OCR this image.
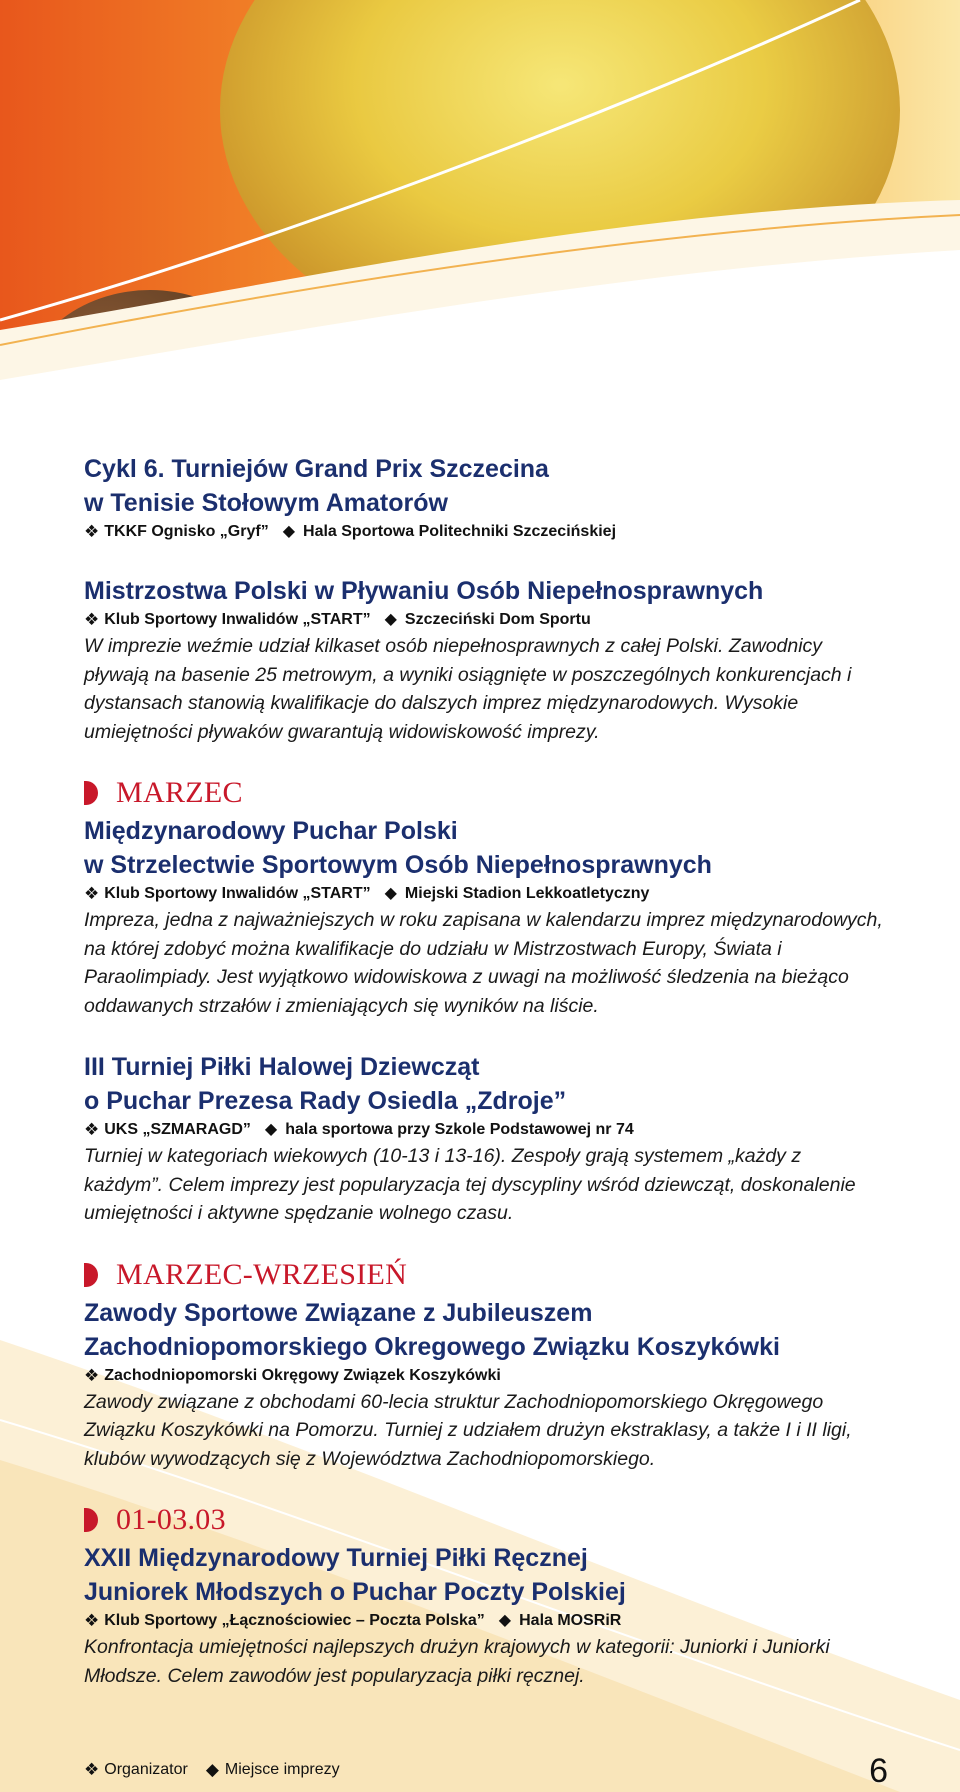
Cykl 6. Turniejów Grand Prix Szczecina
w Tenisie Stołowym Amatorów
❖ TKKF Ognisko „Gryf” ◆ Hala Sportowa Politechniki Szczecińskiej
Mistrzostwa Polski w Pływaniu Osób Niepełnosprawnych
❖ Klub Sportowy Inwalidów „START” ◆ Szczeciński Dom Sportu
W imprezie weźmie udział kilkaset osób niepełnosprawnych z całej Polski. Zawodnicy pływają na basenie 25 metrowym, a wyniki osiągnięte w poszczególnych konkurencjach i dystansach stanowią kwalifikacje do dalszych imprez międzynarodowych. Wysokie umiejętności pływaków gwarantują widowiskowość imprezy.
MARZEC
Międzynarodowy Puchar Polski
w Strzelectwie Sportowym Osób Niepełnosprawnych
❖ Klub Sportowy Inwalidów „START” ◆ Miejski Stadion Lekkoatletyczny
Impreza, jedna z najważniejszych w roku zapisana w kalendarzu imprez międzynarodowych, na której zdobyć można kwalifikacje do udziału w Mistrzostwach Europy, Świata i Paraolimpiady. Jest wyjątkowo widowiskowa z uwagi na możliwość śledzenia na bieżąco oddawanych strzałów i zmieniających się wyników na liście.
III Turniej Piłki Halowej Dziewcząt
o Puchar Prezesa Rady Osiedla „Zdroje”
❖ UKS „SZMARAGD” ◆ hala sportowa przy Szkole Podstawowej nr 74
Turniej w kategoriach wiekowych (10-13 i 13-16). Zespoły grają systemem „każdy z każdym”. Celem imprezy jest popularyzacja tej dyscypliny wśród dziewcząt, doskonalenie umiejętności i aktywne spędzanie wolnego czasu.
MARZEC-WRZESIEŃ
Zawody Sportowe Związane z Jubileuszem
Zachodniopomorskiego Okregowego Związku Koszykówki
❖ Zachodniopomorski Okręgowy Związek Koszykówki
Zawody związane z obchodami 60-lecia struktur Zachodniopomorskiego Okręgowego Związku Koszykówki na Pomorzu. Turniej z udziałem drużyn ekstraklasy, a także I i II ligi, klubów wywodzących się z Województwa Zachodniopomorskiego.
01-03.03
XXII Międzynarodowy Turniej Piłki Ręcznej
Juniorek Młodszych o Puchar Poczty Polskiej
❖ Klub Sportowy „Łącznościowiec – Poczta Polska” ◆ Hala MOSRiR
Konfrontacja umiejętności najlepszych drużyn krajowych w kategorii: Juniorki i Juniorki Młodsze. Celem zawodów jest popularyzacja piłki ręcznej.
❖ Organizator ◆ Miejsce imprezy	6
